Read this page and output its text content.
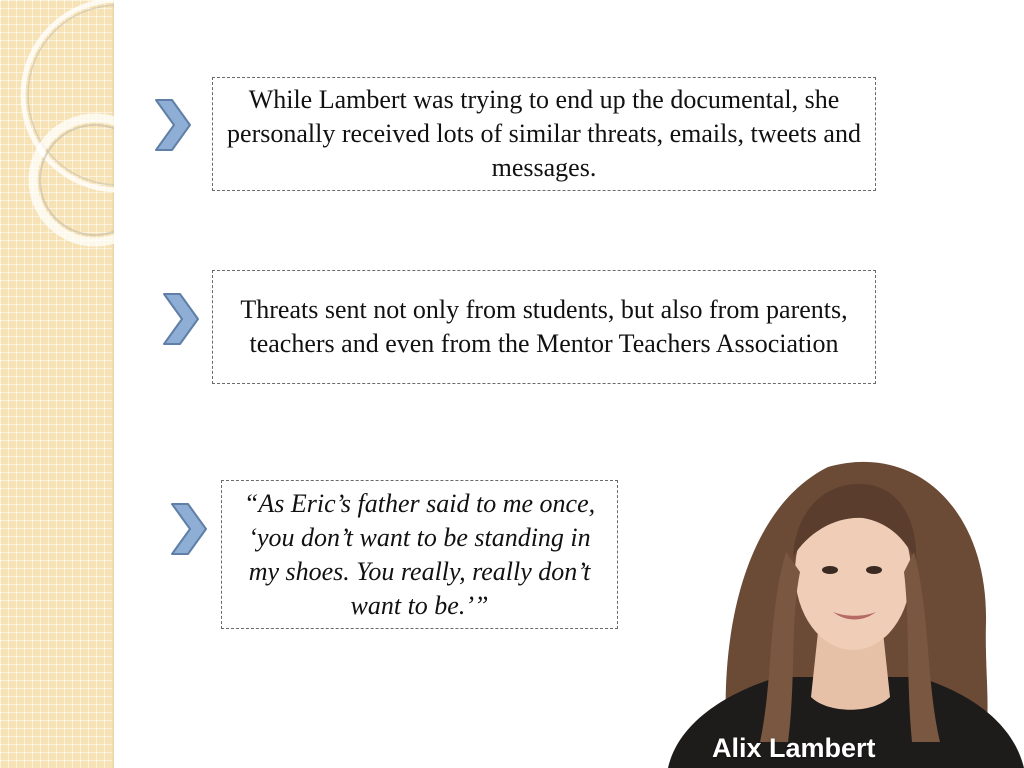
While Lambert was trying to end up the documental, she personally received lots of similar threats, emails, tweets and messages.
Threats sent not only from students, but also from parents, teachers and even from the Mentor Teachers Association
“As Eric’s father said to me once, ‘you don’t want to be standing in my shoes. You really, really don’t want to be.’”
Alix Lambert
